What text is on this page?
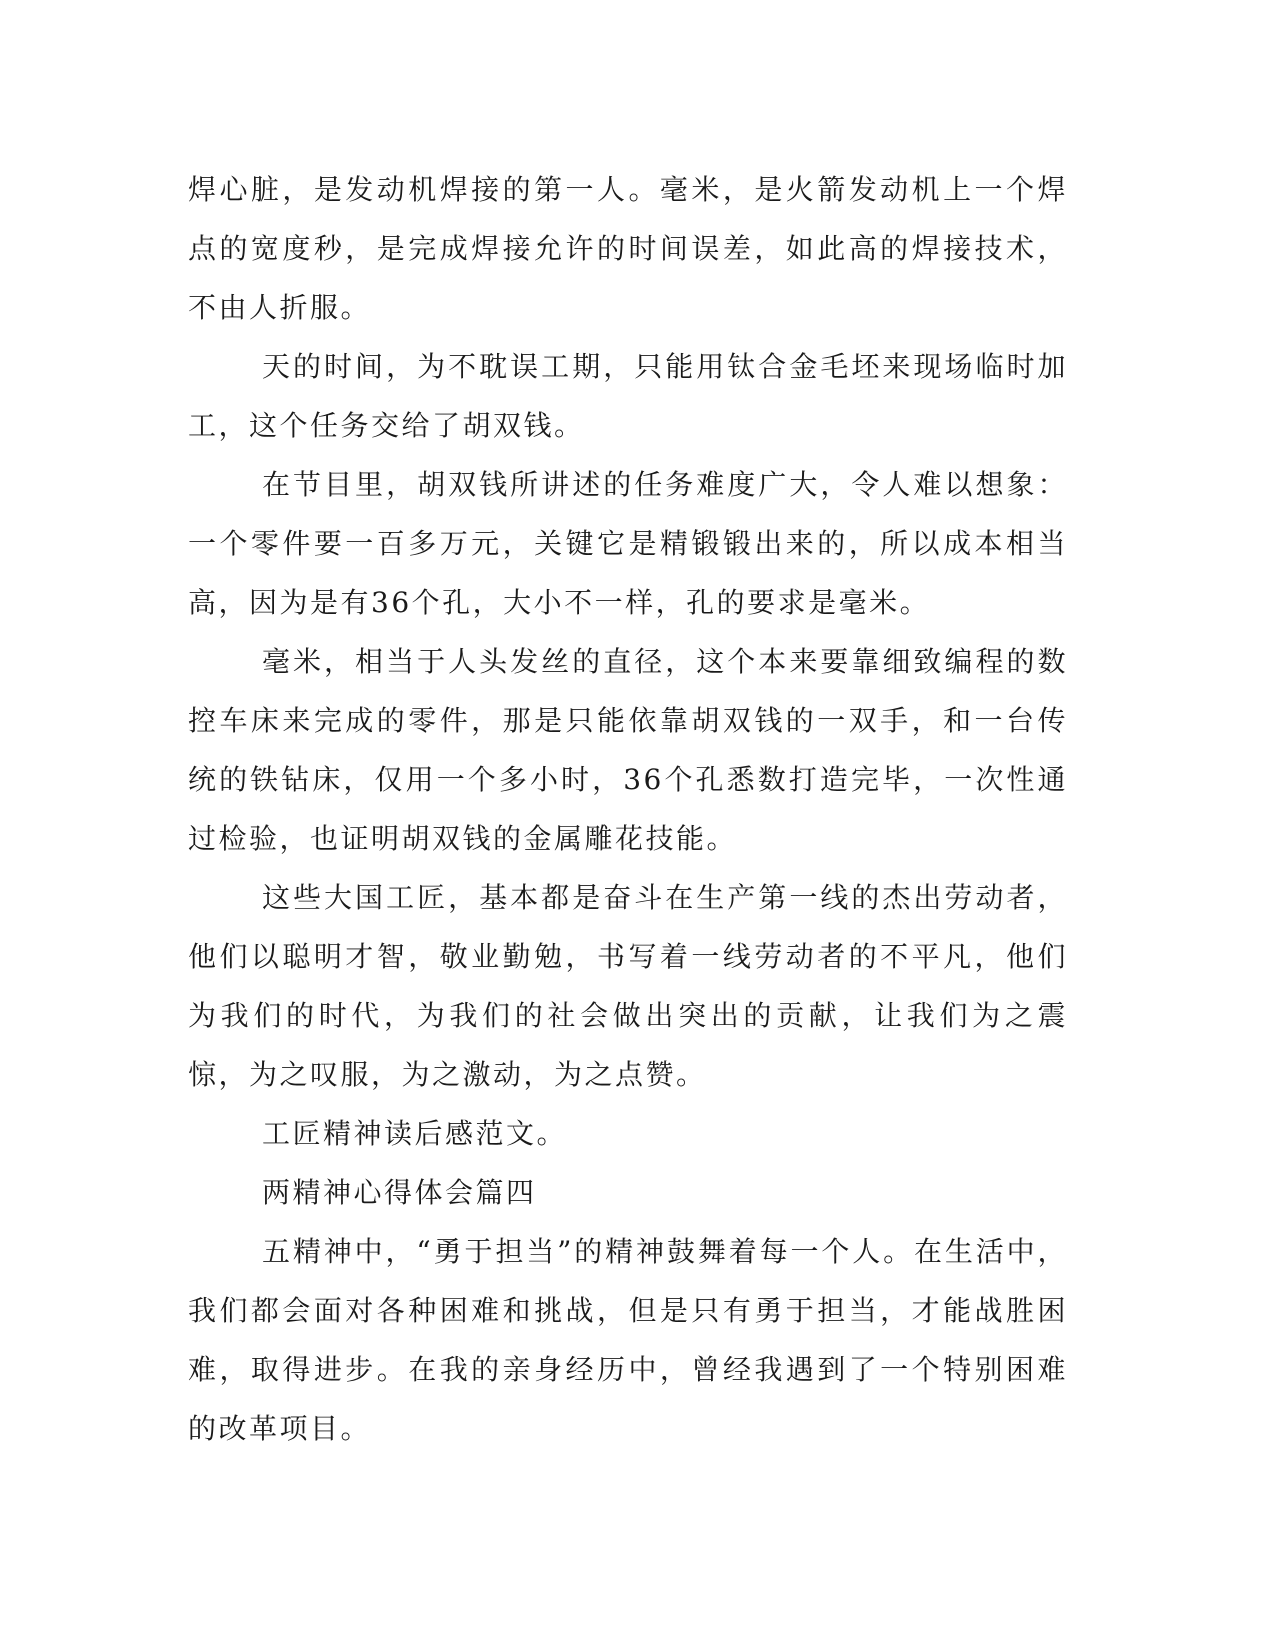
焊心脏，是发动机焊接的第一人。毫米，是火箭发动机上一个焊点的宽度秒，是完成焊接允许的时间误差，如此高的焊接技术，不由人折服。

天的时间，为不耽误工期，只能用钛合金毛坯来现场临时加工，这个任务交给了胡双钱。

在节目里，胡双钱所讲述的任务难度广大，令人难以想象：一个零件要一百多万元，关键它是精锻锻出来的，所以成本相当高，因为是有36个孔，大小不一样，孔的要求是毫米。

毫米，相当于人头发丝的直径，这个本来要靠细致编程的数控车床来完成的零件，那是只能依靠胡双钱的一双手，和一台传统的铁钻床，仅用一个多小时，36个孔悉数打造完毕，一次性通过检验，也证明胡双钱的金属雕花技能。

这些大国工匠，基本都是奋斗在生产第一线的杰出劳动者，他们以聪明才智，敬业勤勉，书写着一线劳动者的不平凡，他们为我们的时代，为我们的社会做出突出的贡献，让我们为之震惊，为之叹服，为之激动，为之点赞。

工匠精神读后感范文。

两精神心得体会篇四

五精神中，“勇于担当”的精神鼓舞着每一个人。在生活中，我们都会面对各种困难和挑战，但是只有勇于担当，才能战胜困难，取得进步。在我的亲身经历中，曾经我遇到了一个特别困难的改革项目。
